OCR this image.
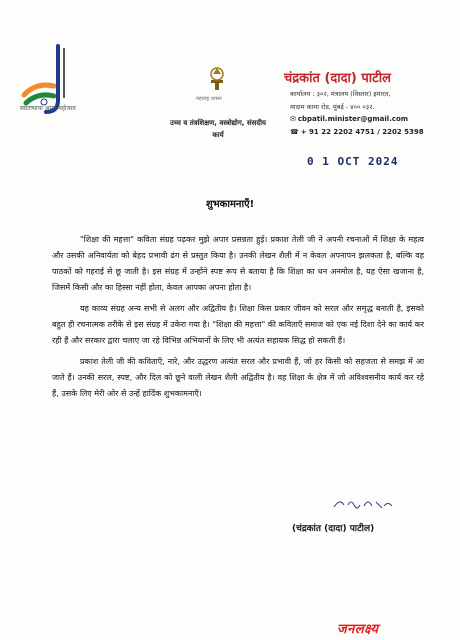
स्वातंत्र्याचा अमृत महोत्सव
महाराष्ट्र शासन
उच्च व तंत्रशिक्षण, वस्त्रोद्योग, संसदीय कार्य
चंद्रकांत (दादा) पाटील
कार्यालय : ३०२, मंत्रालय (विस्तार) इमारत,
मादाम कामा रोड, मुंबई - ४०० ०३२.
✉ cbpatil.minister@gmail.com
☎ + 91 22 2202 4751 / 2202 5398
0 1 OCT 2024
शुभकामनाएँ!

"शिक्षा की महत्ता" कविता संग्रह पढ़कर मुझे अपार प्रसन्नता हुई। प्रकाश तेली जी ने अपनी रचनाओं में शिक्षा के महत्व और उसकी अनिवार्यता को बेहद प्रभावी ढंग से प्रस्तुत किया है। उनकी लेखन शैली में न केवल अपनापन झलकता है, बल्कि वह पाठकों को गहराई से छू जाती है। इस संग्रह में उन्होंने स्पष्ट रूप से बताया है कि शिक्षा का धन अनमोल है, यह ऐसा खजाना है, जिसमें किसी और का हिस्सा नहीं होता, केवल आपका अपना होता है।

यह काव्य संग्रह अन्य सभी से अलग और अद्वितीय है। शिक्षा किस प्रकार जीवन को सरल और समृद्ध बनाती है, इसको बहुत ही रचनात्मक तरीके से इस संग्रह में उकेरा गया है। "शिक्षा की महत्ता" की कविताएँ समाज को एक नई दिशा देने का कार्य कर रही हैं और सरकार द्वारा चलाए जा रहे विभिन्न अभियानों के लिए भी अत्यंत सहायक सिद्ध हो सकती हैं।

प्रकाश तेली जी की कविताएँ, नारे, और उद्धरण अत्यंत सरल और प्रभावी हैं, जो हर किसी को सहजता से समझ में आ जाते हैं। उनकी सरल, स्पष्ट, और दिल को छूने वाली लेखन शैली अद्वितीय है। वह शिक्षा के क्षेत्र में जो अविश्वसनीय कार्य कर रहे हैं, उसके लिए मेरी ओर से उन्हें हार्दिक शुभकामनाएँ।

(चंद्रकांत (दादा) पाटील)
जनलक्ष्य
